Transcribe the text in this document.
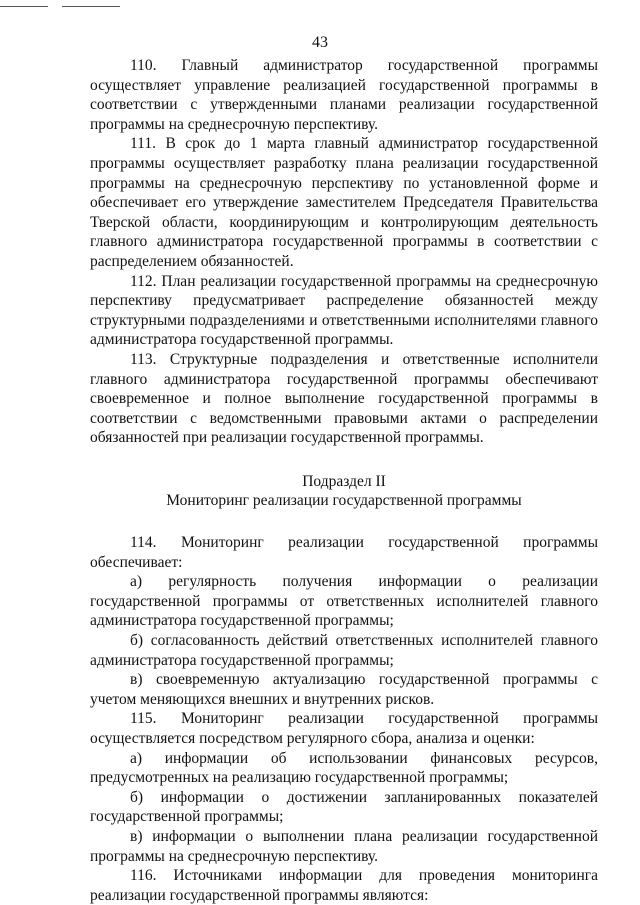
43

110. Главный администратор государственной программы осуществляет управление реализацией государственной программы в соответствии с утвержденными планами реализации государственной программы на среднесрочную перспективу.

111. В срок до 1 марта главный администратор государственной программы осуществляет разработку плана реализации государственной программы на среднесрочную перспективу по установленной форме и обеспечивает его утверждение заместителем Председателя Правительства Тверской области, координирующим и контролирующим деятельность главного администратора государственной программы в соответствии с распределением обязанностей.

112. План реализации государственной программы на среднесрочную перспективу предусматривает распределение обязанностей между структурными подразделениями и ответственными исполнителями главного администратора государственной программы.

113. Структурные подразделения и ответственные исполнители главного администратора государственной программы обеспечивают своевременное и полное выполнение государственной программы в соответствии с ведомственными правовыми актами о распределении обязанностей при реализации государственной программы.

Подраздел II

Мониторинг реализации государственной программы

114. Мониторинг реализации государственной программы обеспечивает:

а) регулярность получения информации о реализации государственной программы от ответственных исполнителей главного администратора государственной программы;

б) согласованность действий ответственных исполнителей главного администратора государственной программы;

в) своевременную актуализацию государственной программы с учетом меняющихся внешних и внутренних рисков.

115. Мониторинг реализации государственной программы осуществляется посредством регулярного сбора, анализа и оценки:

а) информации об использовании финансовых ресурсов, предусмотренных на реализацию государственной программы;

б) информации о достижении запланированных показателей государственной программы;

в) информации о выполнении плана реализации государственной программы на среднесрочную перспективу.

116. Источниками информации для проведения мониторинга реализации государственной программы являются:
